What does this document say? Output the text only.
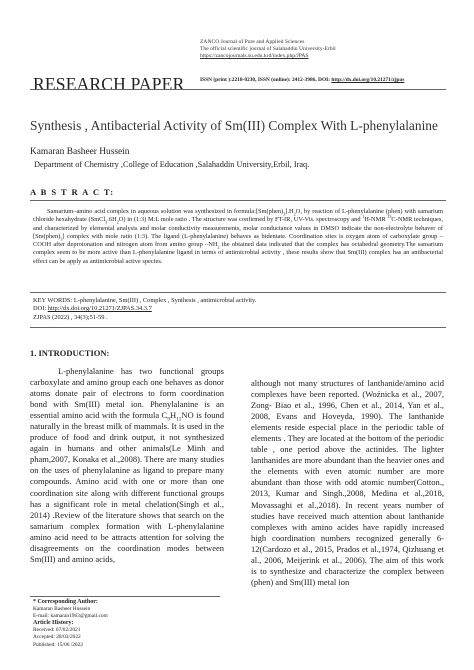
ZANCO Journal of Pure and Applied Sciences
The official scientific journal of Salahaddin University-Erbil
https://zancojournals.su.edu.krd/index.php/JPAS
RESEARCH PAPER	ISSN (print ):2218-0230, ISSN (online): 2412-3986, DOI: http://dx.doi.org/10.21271/zjpas
Synthesis , Antibacterial Activity of Sm(III) Complex With L-phenylalanine
Kamaran Basheer Hussein
Department of Chemistry ,College of Education ,Salahaddin University,Erbil, Iraq.
A B S T R A C T:

Samarium–amino acid complex in aqueous solution was synthesized in $formula:[Sm(phen)_3].H_2O$, by reaction of L-phenylalanine (phen) with samarium chloride hexahydrate $(SmCl_3.6H_2O)$ in (1:3) M:L mole ratio . The structure was confirmed by FT-IR, UV-Vis. spectroscopy and $^1$H-NMR $^{13}$C-NMR techniques, and characterized by elemental analysis and molar conductivity measurements, molar conductance values in DMSO indicate the non-electrolyte behaver of $[Sm(phen)_3]$ complex with mole ratio (1:3). The ligand (L-phenylalanine) behaves as bidentate. Coordination sites is oxygen atom of carboxylate group –COOH after deprotonation and nitrogen atom from amino group $-NH_2$ the obtained data indicated that the complex has octahedral geometry.The samarium complex seem to be more active than L-phenylalanine ligand in terms of antimicrobial activity , these results show that Sm(III) complex has an antibacterial effect can be apply as antimicrobial active species.

KEY WORDS: L-phenylalanine, Sm(III) , Complex , Synthesis , antimicrobial activity.
DOI: http://dx.doi.org/10.21271/ZJPAS.34.3.7
ZJPAS (2022) , 34(3);51-59 .
1. INTRODUCTION:

L-phenylalanine has two functional groups carboxylate and amino group each one behaves as donor atoms donate pair of electrons to form coordination bond with Sm(III) metal ion. Phenylalanine is an essential amino acid with the formula $C_9H_{11}NO$ is found naturally in the breast milk of mammals. It is used in the produce of food and drink output, it not synthesized again in humans and other animals(Le Minh and pham,2007, Konaka et al.,2008). There are many studies on the uses of phenylalanine as ligand to prepare many compounds. Amino acid with one or more than one coordination site along with different functional groups has a significant role in metal chelation(Singh et al., 2014) .Review of the literature shows that search on the samarium complex formation with L-phenylalanine amino acid need to be attracts attention for solving the disagreements on the coordination modes between Sm(III) and amino acids,

although not many structures of lanthanide/amino acid complexes have been reported. (Woźnicka et al., 2007, Zong- Biao et al., 1996, Chen et al., 2014, Yan et al., 2008, Evans and Hoveyda, 1990). The lanthanide elements reside especial place in the periodic table of elements . They are located at the bottom of the periodic table , one period above the actinides. The lighter lanthanides are more abundant than the heavier ones and the elements with even atomic number are more abundant than those with odd atomic number(Cotton., 2013, Kumar and Singh.,2008, Medina et al.,2018, Movassaghi et al.,2018). In recent years number of studies have received much attention about lanthanide complexes with amino acides have rapidly increased high coordination numbers recognized generally 6-12(Cardozo et al., 2015, Prados et al.,1974, Qizhuang et al., 2006, Meijerink et al., 2006). The aim of this work is to synthesize and characterize the complex between (phen) and Sm(III) metal ion

* Corresponding Author:
Kamaran Basheer Hussein
E-mail: kamaran1963@gmail.com
Article History:
Received: 07/02/2021
Accepted: 28/03/2022
Published: 15/06 /2022
